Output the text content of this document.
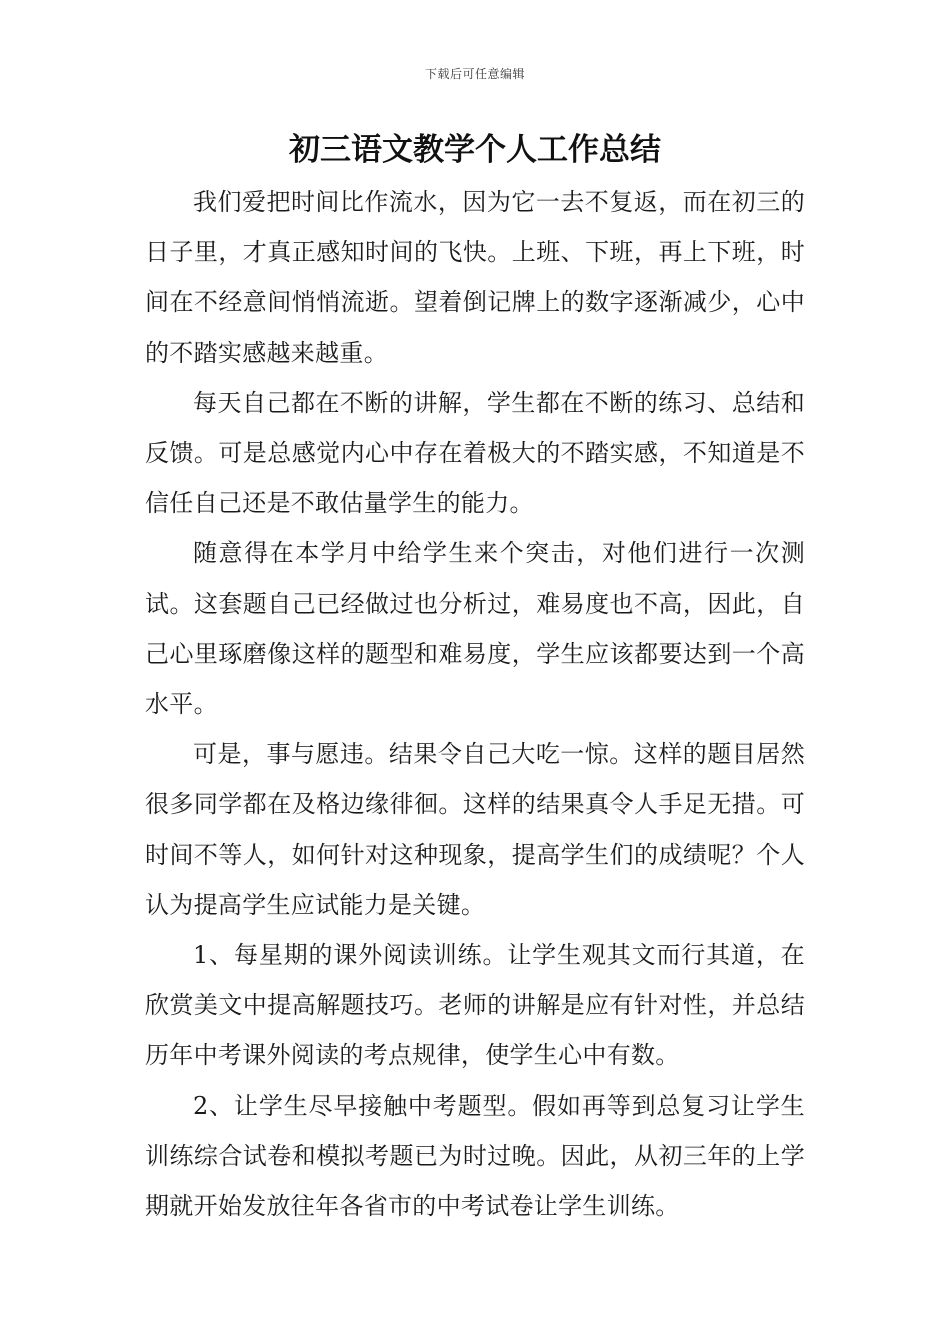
下载后可任意编辑
初三语文教学个人工作总结

我们爱把时间比作流水，因为它一去不复返，而在初三的日子里，才真正感知时间的飞快。上班、下班，再上下班，时间在不经意间悄悄流逝。望着倒记牌上的数字逐渐减少，心中的不踏实感越来越重。

每天自己都在不断的讲解，学生都在不断的练习、总结和反馈。可是总感觉内心中存在着极大的不踏实感，不知道是不信任自己还是不敢估量学生的能力。

随意得在本学月中给学生来个突击，对他们进行一次测试。这套题自己已经做过也分析过，难易度也不高，因此，自己心里琢磨像这样的题型和难易度，学生应该都要达到一个高水平。

可是，事与愿违。结果令自己大吃一惊。这样的题目居然很多同学都在及格边缘徘徊。这样的结果真令人手足无措。可时间不等人，如何针对这种现象，提高学生们的成绩呢？个人认为提高学生应试能力是关键。

1、每星期的课外阅读训练。让学生观其文而行其道，在欣赏美文中提高解题技巧。老师的讲解是应有针对性，并总结历年中考课外阅读的考点规律，使学生心中有数。

2、让学生尽早接触中考题型。假如再等到总复习让学生训练综合试卷和模拟考题已为时过晚。因此，从初三年的上学期就开始发放往年各省市的中考试卷让学生训练。
